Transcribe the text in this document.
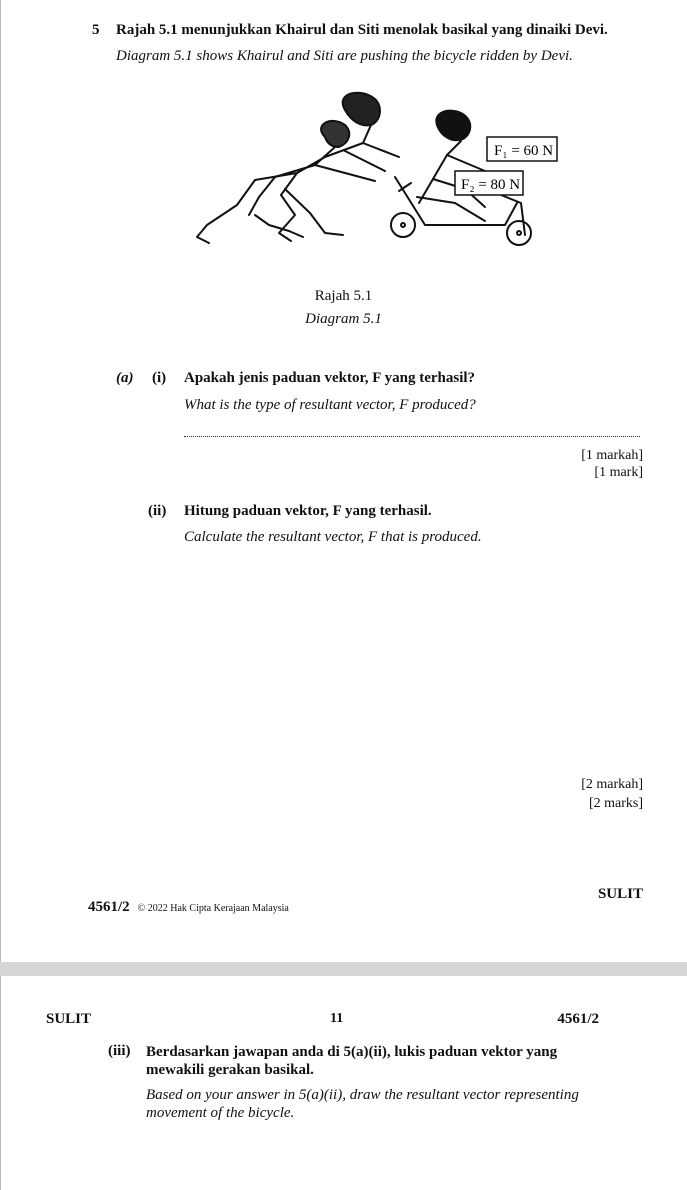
5 Rajah 5.1 menunjukkan Khairul dan Siti menolak basikal yang dinaiki Devi.
Diagram 5.1 shows Khairul and Siti are pushing the bicycle ridden by Devi.
F₁ = 60 N
F₂ = 80 N
Rajah 5.1
Diagram 5.1
(a) (i) Apakah jenis paduan vektor, F yang terhasil?
What is the type of resultant vector, F produced?
[1 markah]
[1 mark]
(ii) Hitung paduan vektor, F yang terhasil.
Calculate the resultant vector, F that is produced.
[2 markah]
[2 marks]
4561/2 © 2022 Hak Cipta Kerajaan Malaysia
SULIT
SULIT	11	4561/2
(iii) Berdasarkan jawapan anda di 5(a)(ii), lukis paduan vektor yang mewakili gerakan basikal.
Based on your answer in 5(a)(ii), draw the resultant vector representing movement of the bicycle.
